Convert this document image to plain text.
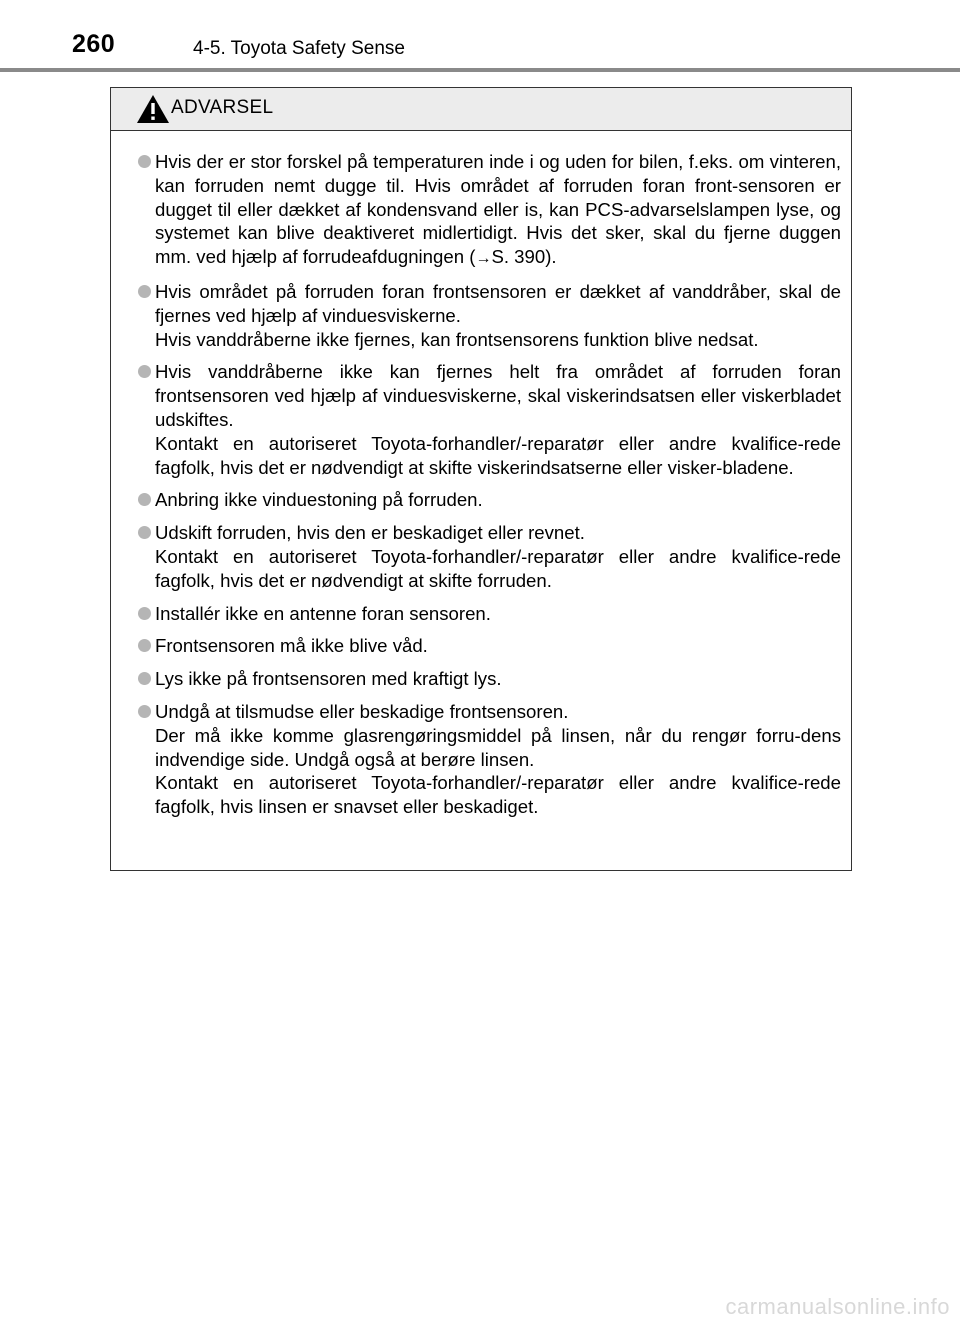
260	4-5. Toyota Safety Sense
ADVARSEL
Hvis der er stor forskel på temperaturen inde i og uden for bilen, f.eks. om vinteren, kan forruden nemt dugge til. Hvis området af forruden foran front-sensoren er dugget til eller dækket af kondensvand eller is, kan PCS-advarselslampen lyse, og systemet kan blive deaktiveret midlertidigt. Hvis det sker, skal du fjerne duggen mm. ved hjælp af forrudeafdugningen (→S. 390).
Hvis området på forruden foran frontsensoren er dækket af vanddråber, skal de fjernes ved hjælp af vinduesviskerne.
Hvis vanddråberne ikke fjernes, kan frontsensorens funktion blive nedsat.
Hvis vanddråberne ikke kan fjernes helt fra området af forruden foran frontsensoren ved hjælp af vinduesviskerne, skal viskerindsatsen eller viskerbladet udskiftes.
Kontakt en autoriseret Toyota-forhandler/-reparatør eller andre kvalifice-rede fagfolk, hvis det er nødvendigt at skifte viskerindsatserne eller visker-bladene.
Anbring ikke vinduestoning på forruden.
Udskift forruden, hvis den er beskadiget eller revnet.
Kontakt en autoriseret Toyota-forhandler/-reparatør eller andre kvalifice-rede fagfolk, hvis det er nødvendigt at skifte forruden.
Installér ikke en antenne foran sensoren.
Frontsensoren må ikke blive våd.
Lys ikke på frontsensoren med kraftigt lys.
Undgå at tilsmudse eller beskadige frontsensoren.
Der må ikke komme glasrengøringsmiddel på linsen, når du rengør forru-dens indvendige side. Undgå også at berøre linsen.
Kontakt en autoriseret Toyota-forhandler/-reparatør eller andre kvalifice-rede fagfolk, hvis linsen er snavset eller beskadiget.
carmanualsonline.info
